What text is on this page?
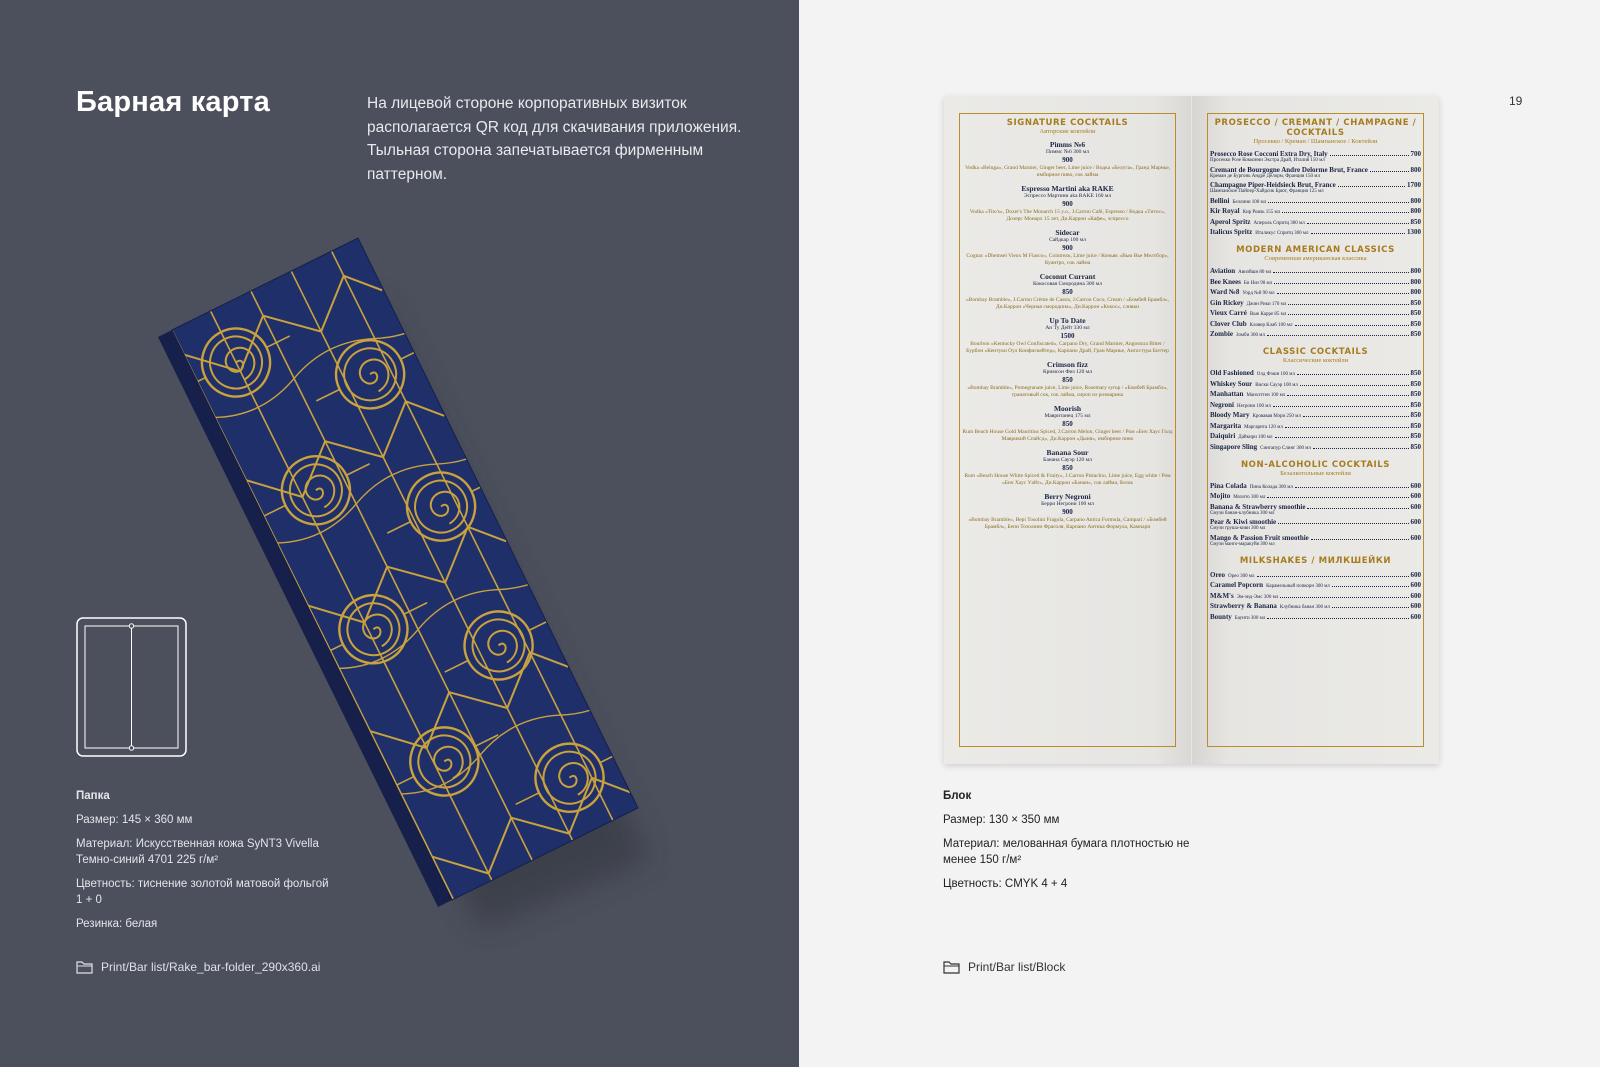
Барная карта	На лицевой стороне корпоративных визиток располагается QR код для скачивания приложения. Тыльная сторона запечатывается фирменным паттерном.
Папка
Размер: 145 × 360 мм
Материал: Искусственная кожа SyNT3 Vivella Темно-синий 4701 225 г/м²
Цветность: тиснение золотой матовой фольгой 1 + 0
Резинка: белая
Print/Bar list/Rake_bar-folder_290x360.ai
Блок
Размер: 130 × 350 мм
Материал: мелованная бумага плотностью не менее 150 г/м²
Цветность: CMYK 4 + 4
Print/Bar list/Block
19
SIGNATURE COCKTAILS
Авторские коктейли
Pimms №6
Пиммс №6 300 мл
900
Vodka «Beluga», Grand Marnier, Ginger beer, Lime juice / Водка «Белуга», Гранд Марнье, имбирное пиво, сок лайма
Espresso Martini aka RAKE
Эспрессо Мартини aka RAKE 160 мл
900
Vodka «Tito's», Dozer's The Monarch 15 y.o., J.Carron Café, Espresso / Водка «Титос», Дозерс Монарх 15 лет, Ди.Каррон «Кафе», эспрессо
Sidecar
Сайдкар 100 мл
900
Cognac «Dhemsel Vieux M Fiasco», Cointreau, Lime juice / Коньяк «Вью Вье Мелтбор», Куантро, сок лайма
Coconut Currant
Кокосовая Смородина 300 мл
850
«Bombay Bramble», J.Carron Crème de Cassis, J.Carron Coco, Cream / «Бомбей Брамбл», Ди.Каррон «Черная смородина», Ди.Каррон «Кокос», сливки
Up To Date
Ап Ту Дейт 330 мл
1500
Bourbon «Kentucky Owl Confiscated», Carpano Dry, Grand Marnier, Angostura Bitter / Бурбон «Кентуки Оул Конфискейтед», Карпано Драй, Гран Марнье, Ангостура Биттер
Crimson fizz
Кримсон Физ 120 мл
850
«Bombay Bramble», Pomegranate juice, Lime juice, Rosemary syrup / «Бомбей Брамбл», гранатовый сок, сок лайма, сироп из розмарина
Moorish
Мавританец 175 мл
850
Rum Beach House Gold Mauritius Spiced, J.Carron Melon, Ginger beer / Ром «Бич Хаус Голд Маврикий Спайсд», Ди.Каррон «Дыня», имбирное пиво
Banana Sour
Банана Сауэр 120 мл
850
Rum «Beach House White Spiced & Fruity», J.Carron Pistachio, Lime juice, Egg white / Ром «Бич Хаус Уайт», Ди.Каррон «Банан», сок лайма, белок
Berry Negroni
Берри Негрони 100 мл
900
«Bombay Bramble», Bepi Tosolini Fragola, Carpano Antica Formula, Campari / «Бомбей Брамбл», Бепи Тозолини Фраголя, Карпано Антика Формула, Кампари
PROSECCO / CREMANT / CHAMPAGNE / COCKTAILS
Просекко / Креман / Шампанское / Коктейли
Prosecco Rose Cocconi Extra Dry, Italy	700
Просекко Розе Кокконни Экстра Драй, Италия 150 мл
Cremant de Bourgogne Andre Delorme Brut, France	800
Креман де Бургонь Андре Делорм, Франция 150 мл
Champagne Piper-Heidsieck Brut, France	1700
Шампанское Пайпер-Хайдсик Брют, Франция 125 мл
Bellini Беллини 100 мл	800
Kir Royal Кир Рояль 155 мл	800
Aperol Spritz Апероль Спритц 300 мл	850
Italicus Spritz Италикус Спритц 300 мл	1300
MODERN AMERICAN CLASSICS
Современная американская классика
Aviation Авиэйшн 80 мл	800
Bee Knees Би Низ 90 мл	800
Ward №8 Уорд №8 90 мл	800
Gin Rickey Джин Рики 170 мл	850
Vieux Carré Вью Карре 85 мл	850
Clover Club Кловер Клаб 100 мл	850
Zombie Зомби 300 мл	850
CLASSIC COCKTAILS
Классические коктейли
Old Fashioned Олд Фэшн 100 мл	850
Whiskey Sour Виски Сауэр 100 мл	850
Manhattan Манхэттен 100 мл	850
Negroni Негрони 100 мл	850
Bloody Mary Кровавая Мэри 250 мл	850
Margarita Маргарита 120 мл	850
Daiquiri Дайкири 100 мл	850
Singapore Sling Сингапур Слинг 300 мл	850
NON-ALCOHOLIC COCKTAILS
Безалкогольные коктейли
Pina Colada Пина Колада 300 мл	600
Mojito Мохито 300 мл	600
Banana & Strawberry smoothie	600
Смузи банан-клубника 300 мл
Pear & Kiwi smoothie	600
Смузи груша-киви 300 мл
Mango & Passion Fruit smoothie	600
Смузи манго-маракуйя 300 мл
MILKSHAKES / МИЛКШЕЙКИ
Oreo Орео 300 мл	600
Caramel Popcorn Карамельный попкорн 300 мл	600
M&M's Эм-энд-Эмс 300 мл	600
Strawberry & Banana Клубника банан 300 мл	600
Bounty Баунти 300 мл	600
